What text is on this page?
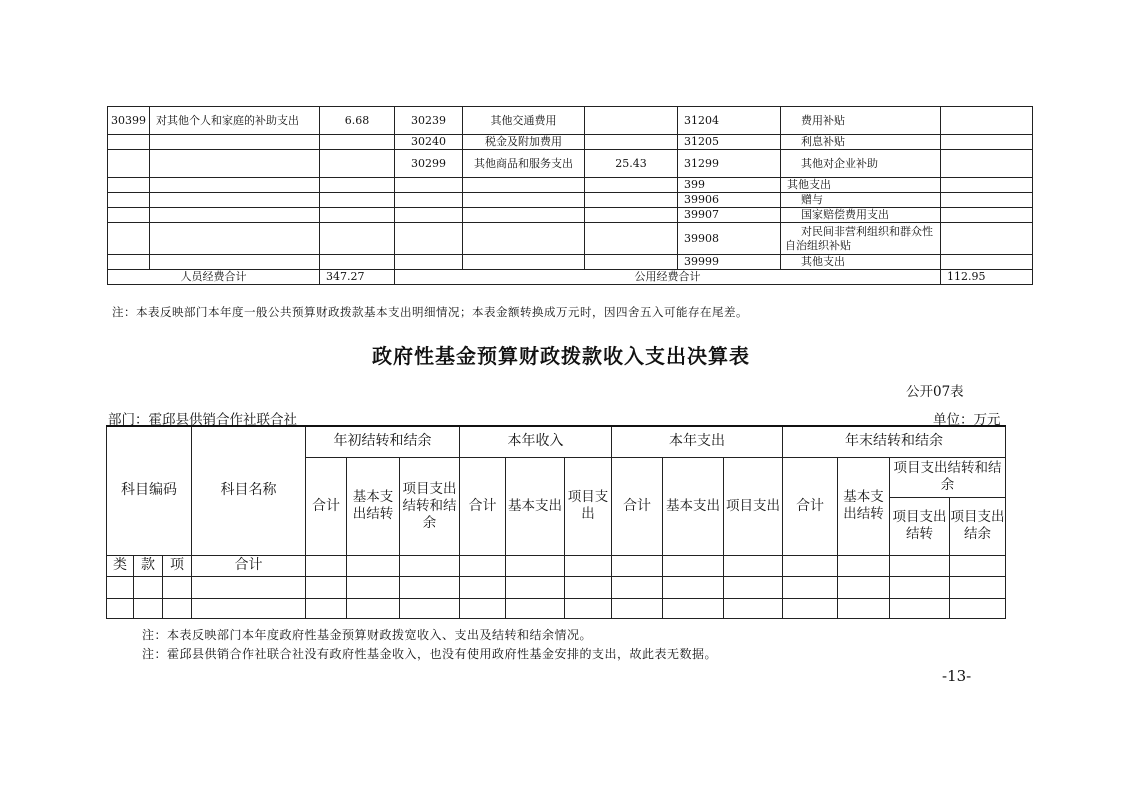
30399	对其他个人和家庭的补助支出	6.68	30239	其他交通费用		31204	费用补贴	
			30240	税金及附加费用		31205	利息补贴	
			30299	其他商品和服务支出	25.43	31299	其他对企业补助	
						399	其他支出	
						39906	赠与	
						39907	国家赔偿费用支出	
						39908	对民间非营利组织和群众性自治组织补贴	
						39999	其他支出	
人员经费合计		347.27	公用经费合计					112.95
注：本表反映部门本年度一般公共预算财政拨款基本支出明细情况；本表金额转换成万元时，因四舍五入可能存在尾差。
政府性基金预算财政拨款收入支出决算表
公开07表
部门：霍邱县供销合作社联合社	单位：万元
科目编码			科目名称	年初结转和结余			本年收入			本年支出			年末结转和结余			
				合计	基本支出结转	项目支出结转和结余	合计	基本支出	项目支出	合计	基本支出	项目支出	合计	基本支出结转	项目支出结转和结余	
															项目支出结转	项目支出结余
类	款	项	合计													

注：本表反映部门本年度政府性基金预算财政拨宽收入、支出及结转和结余情况。
注：霍邱县供销合作社联合社没有政府性基金收入，也没有使用政府性基金安排的支出，故此表无数据。
-13-
